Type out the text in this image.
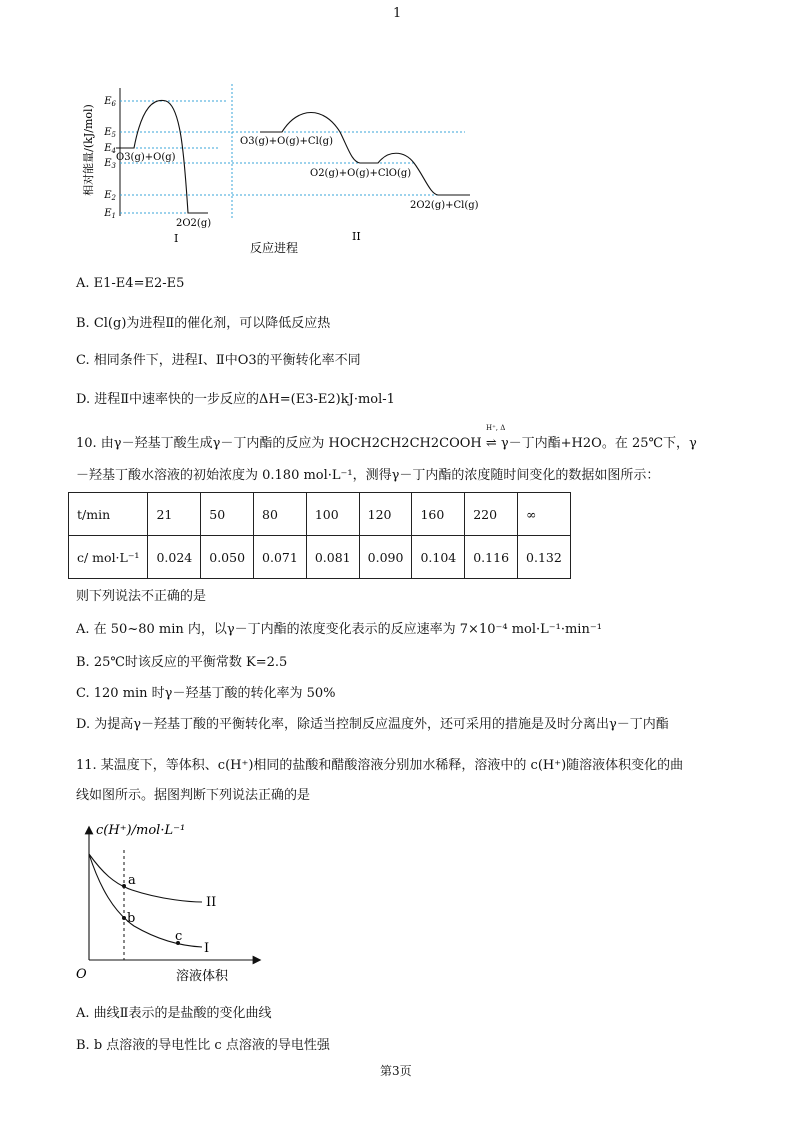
1
相对能量/(kJ/mol)
$E_6$
$E_5$
$E_4$
$E_3$
$E_2$
$E_1$
O3(g)+O(g)
2O2(g)
O3(g)+O(g)+Cl(g)
O2(g)+O(g)+ClO(g)
2O2(g)+Cl(g)
I	II
反应进程
A. E1-E4=E2-E5
B. Cl(g)为进程Ⅱ的催化剂，可以降低反应热
C. 相同条件下，进程Ⅰ、Ⅱ中O3的平衡转化率不同
D. 进程Ⅱ中速率快的一步反应的ΔH=(E3-E2)kJ·mol-1
10. 由γ－羟基丁酸生成γ－丁内酯的反应为 HOCH2CH2CH2COOH ⇌ γ－丁内酯+H2O。在 25℃下，γ
H⁺, Δ
－羟基丁酸水溶液的初始浓度为 0.180 mol·L⁻¹，测得γ－丁内酯的浓度随时间变化的数据如图所示：
t/min	21	50	80	100	120	160	220	∞
c/ mol·L⁻¹	0.024	0.050	0.071	0.081	0.090	0.104	0.116	0.132
则下列说法不正确的是
A. 在 50~80 min 内，以γ－丁内酯的浓度变化表示的反应速率为 7×10⁻⁴ mol·L⁻¹·min⁻¹
B. 25℃时该反应的平衡常数 K=2.5
C. 120 min 时γ－羟基丁酸的转化率为 50%
D. 为提高γ－羟基丁酸的平衡转化率，除适当控制反应温度外，还可采用的措施是及时分离出γ－丁内酯
11. 某温度下，等体积、c(H⁺)相同的盐酸和醋酸溶液分别加水稀释，溶液中的 c(H⁺)随溶液体积变化的曲
线如图所示。据图判断下列说法正确的是
c(H⁺)/mol·L⁻¹
溶液体积
O
a
b
c
II
I
A. 曲线Ⅱ表示的是盐酸的变化曲线
B. b 点溶液的导电性比 c 点溶液的导电性强
第3页
